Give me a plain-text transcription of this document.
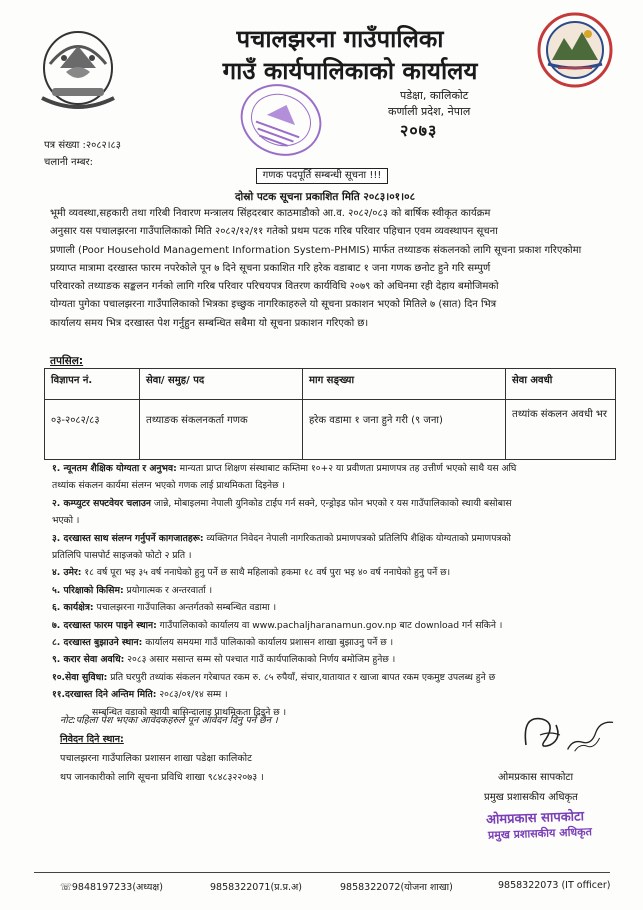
पचालझरना गाउँपालिका
गाउँ कार्यपालिकाको कार्यालय
पडेक्षा, कालिकोट
कर्णाली प्रदेश, नेपाल
२०७३
पत्र संख्या :२०८२।८३
चलानी नम्बर:
गणक पदपूर्ति सम्बन्धी सूचना !!!
दोस्रो पटक सूचना प्रकाशित मिति २०८३।०१।०८

भूमी व्यवस्था,सहकारी तथा गरिबी निवारण मन्त्रालय सिंहदरबार काठमाडौको आ.व. २०८२/०८३ को बार्षिक स्वीकृत कार्यक्रम

अनुसार यस पचालझरना गाउँपालिकाको मिति २०८२/१२/११ गतेको प्रथम पटक गरिब परिवार पहिचान एवम व्यवस्थापन सूचना

प्रणाली (Poor Household Management Information System-PHMIS) मार्फत तथ्याङक संकलनको लागि सूचना प्रकाश गरिएकोमा

प्रय्याप्त मात्रामा दरखास्त फारम नपरेकोले पून ७ दिने सूचना प्रकाशित गरि हरेक वडाबाट १ जना गणक छनोट हुने गरि सम्पुर्ण

परिवारको तथ्याङक सङ्कलन गर्नको लागि गरिब परिवार परिचयपत्र वितरण कार्यविधि २०७९ को अधिनमा रही देहाय बमोजिमको

योग्यता पुगेका पचालझरना गाउँपालिकाको भित्रका इच्छुक नागरिकाहरुले यो सूचना प्रकाशन भएको मितिले ७ (सात) दिन भित्र

कार्यालय समय भित्र दरखास्त पेश गर्नुहुन सम्बन्धित सबैमा यो सूचना प्रकाशन गरिएको छ।

तपसिल:
विज्ञापन नं.	सेवा/ समुह/ पद	माग सङ्ख्या	सेवा अवधी
०३-२०८२/८३	तथ्याङक संकलनकर्ता गणक	हरेक वडामा १ जना हुने गरी (९ जना)	तथ्यांक संकलन अवधी भर
१. न्यूनतम शैक्षिक योग्यता र अनुभव: मान्यता प्राप्त शिक्षण संस्थाबाट कम्तिमा १०+२ या प्रवीणता प्रमाणपत्र तह उत्तीर्ण भएको साथै यस अघि
तथ्यांक संकलन कार्यमा संलग्न भएको गणक लाई प्राथमिकता दिइनेछ ।
२. कम्प्युटर सफ्टवेयर चलाउन जान्ने, मोबाइलमा नेपाली युनिकोड टाईप गर्न सक्ने, एन्ड्रोइड फोन भएको र यस गाउँपालिकाको स्थायी बसोबास
भएको ।
३. दरखास्त साथ संलग्न गर्नुपर्ने कागजातहरू: व्यक्तिगत निवेदन नेपाली नागरिकताको प्रमाणपत्रको प्रतिलिपि शैक्षिक योग्यताको प्रमाणपत्रको
प्रतिलिपि पासपोर्ट साइजको फोटो २ प्रति ।
४. उमेर: १८ वर्ष पूरा भइ ३५ वर्ष ननाघेको हुनु पर्ने छ साथै महिलाको हकमा १८ वर्ष पुरा भइ ४० वर्ष ननाघेको हुनु पर्ने छ।
५. परिक्षाको किसिम: प्रयोगात्मक र अन्तरवार्ता ।
६. कार्यक्षेत्र: पचालझरना गाउँपालिका अन्तर्गतको सम्बन्धित वडामा ।
७. दरखास्त फारम पाइने स्थान: गाउँपालिकाको कार्यालय वा www.pachaljharanamun.gov.np बाट download गर्न सकिने ।
८. दरखास्त बुझाउने स्थान: कार्यालय समयमा गाउँ पालिकाको कार्यालय प्रशासन शाखा बुझाउनु पर्ने छ ।
९. करार सेवा अवधि: २०८३ असार मसान्त सम्म सो पश्चात गाउँ कार्यपालिकाको निर्णय बमोजिम हुनेछ ।
१०.सेवा सुविधा: प्रति घरपुरी तथ्यांक संकलन गरेबापत रकम रु. ८५ रुपैयाँ, संचार,यातायात र खाजा बापत रकम एकमुष्ट उपलब्ध हुने छ
११.दरखास्त दिने अन्तिम मिति: २०८३/०१/१४ सम्म ।
सम्बन्धित वडाको स्थायी बासिन्दालाइ प्राथमिकता दिइने छ ।
नोट:पहिला पेश भएका आवेदकहरुले पून आवेदन दिनु पर्ने छैन ।
निवेदन दिने स्थान:
पचालझरना गाउँपालिका प्रशासन शाखा पडेक्षा कालिकोट
थप जानकारीको लागि सूचना प्रविधि शाखा ९८४८३२२०७३ ।	ओमप्रकास सापकोटा
प्रमुख प्रशासकीय अधिकृत
ओमप्रकास सापकोटा
प्रमुख प्रशासकीय अधिकृत
☏9848197233(अध्यक्ष)	9858322071(प्र.प्र.अ)	9858322072(योजना शाखा)	9858322073 (IT officer)
